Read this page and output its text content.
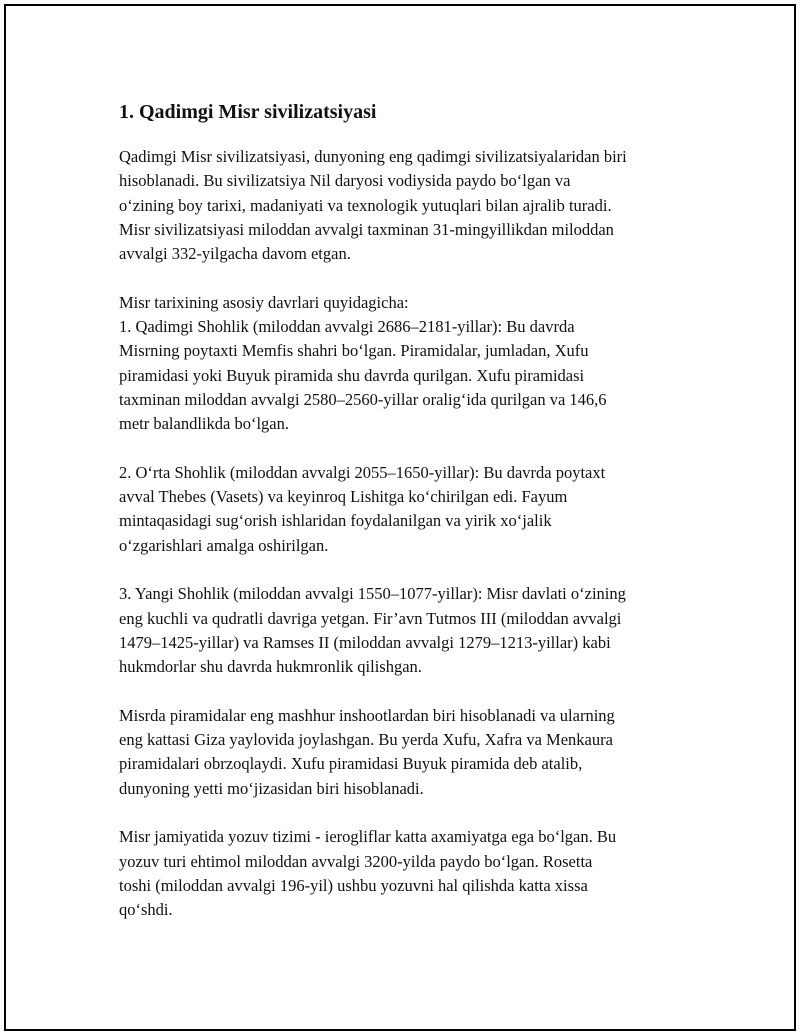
1. Qadimgi Misr sivilizatsiyasi
Qadimgi Misr sivilizatsiyasi, dunyoning eng qadimgi sivilizatsiyalaridan biri
hisoblanadi. Bu sivilizatsiya Nil daryosi vodiysida paydo bo‘lgan va
o‘zining boy tarixi, madaniyati va texnologik yutuqlari bilan ajralib turadi.
Misr sivilizatsiyasi miloddan avvalgi taxminan 31-mingyillikdan miloddan
avvalgi 332-yilgacha davom etgan.
Misr tarixining asosiy davrlari quyidagicha:
1. Qadimgi Shohlik (miloddan avvalgi 2686–2181-yillar): Bu davrda
Misrning poytaxti Memfis shahri bo‘lgan. Piramidalar, jumladan, Xufu
piramidasi yoki Buyuk piramida shu davrda qurilgan. Xufu piramidasi
taxminan miloddan avvalgi 2580–2560-yillar oralig‘ida qurilgan va 146,6
metr balandlikda bo‘lgan.
2. O‘rta Shohlik (miloddan avvalgi 2055–1650-yillar): Bu davrda poytaxt
avval Thebes (Vasets) va keyinroq Lishitga ko‘chirilgan edi. Fayum
mintaqasidagi sug‘orish ishlaridan foydalanilgan va yirik xo‘jalik
o‘zgarishlari amalga oshirilgan.
3. Yangi Shohlik (miloddan avvalgi 1550–1077-yillar): Misr davlati o‘zining
eng kuchli va qudratli davriga yetgan. Fir’avn Tutmos III (miloddan avvalgi
1479–1425-yillar) va Ramses II (miloddan avvalgi 1279–1213-yillar) kabi
hukmdorlar shu davrda hukmronlik qilishgan.
Misrda piramidalar eng mashhur inshootlardan biri hisoblanadi va ularning
eng kattasi Giza yaylovida joylashgan. Bu yerda Xufu, Xafra va Menkaura
piramidalari obrzoqlaydi. Xufu piramidasi Buyuk piramida deb atalib,
dunyoning yetti mo‘jizasidan biri hisoblanadi.
Misr jamiyatida yozuv tizimi - ierogliflar katta axamiyatga ega bo‘lgan. Bu
yozuv turi ehtimol miloddan avvalgi 3200-yilda paydo bo‘lgan. Rosetta
toshi (miloddan avvalgi 196-yil) ushbu yozuvni hal qilishda katta xissa
qo‘shdi.
